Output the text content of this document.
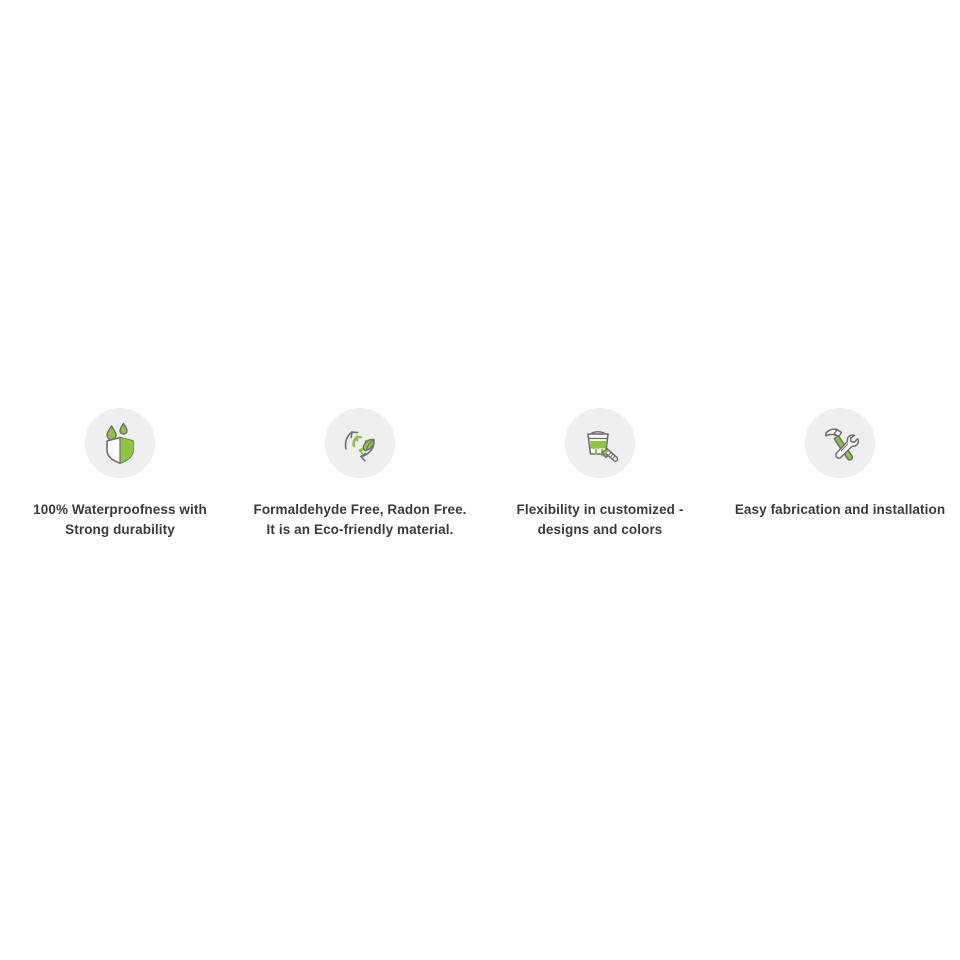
100% Waterproofness with
Strong durability
Formaldehyde Free, Radon Free.
It is an Eco-friendly material.
Flexibility in customized -
designs and colors
Easy fabrication and installation
